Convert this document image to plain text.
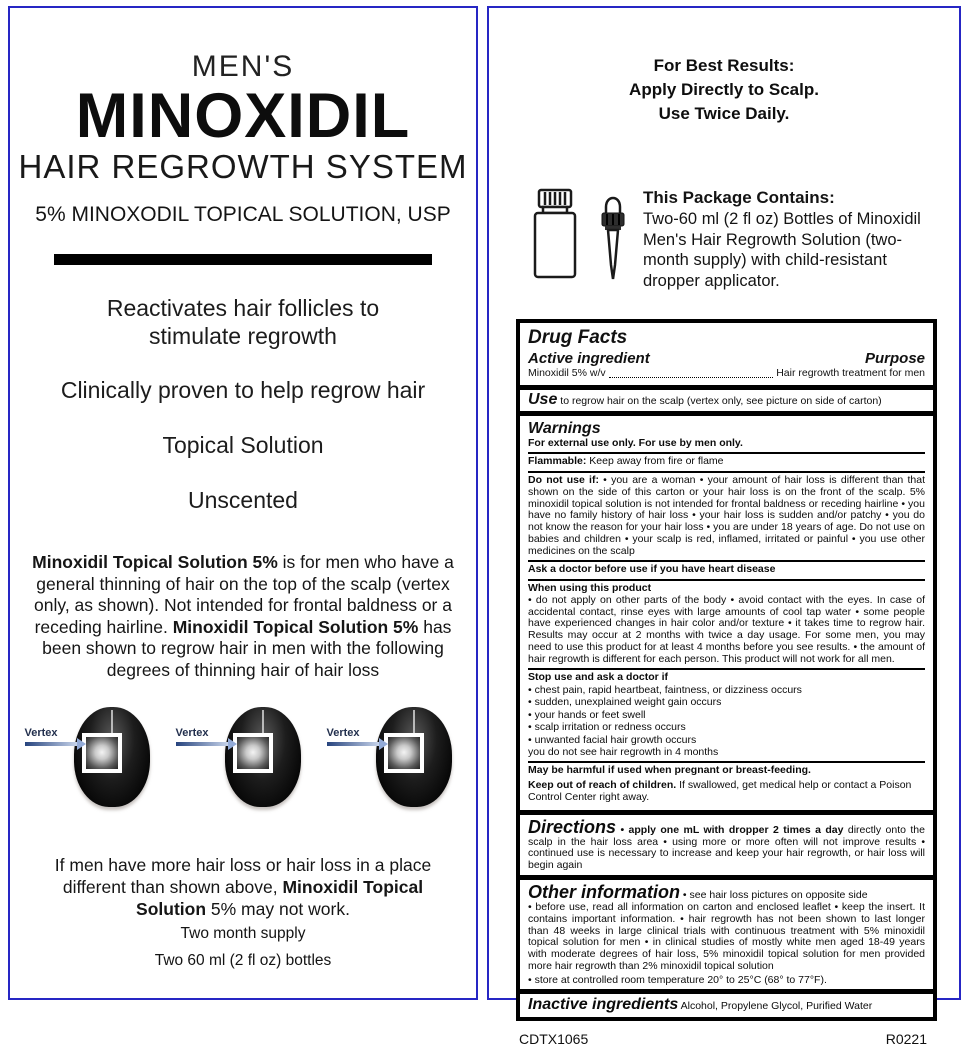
MEN'S
MINOXIDIL
HAIR REGROWTH SYSTEM
5% MINOXODIL TOPICAL SOLUTION, USP
Reactivates hair follicles to stimulate regrowth
Clinically proven to help regrow hair
Topical Solution
Unscented
Minoxidil Topical Solution 5% is for men who have a general thinning of hair on the top of the scalp (vertex only, as shown). Not intended for frontal baldness or a receding hairline. Minoxidil Topical Solution 5% has been shown to regrow hair in men with the following degrees of thinning hair of hair loss
Vertex	Vertex	Vertex
If men have more hair loss or hair loss in a place different than shown above, Minoxidil Topical Solution 5% may not work.
Two month supply
Two 60 ml (2 fl oz) bottles
For Best Results:
Apply Directly to Scalp.
Use Twice Daily.
This Package Contains:
Two-60 ml (2 fl oz) Bottles of Minoxidil Men's Hair Regrowth Solution (two-month supply) with child-resistant dropper applicator.
Drug Facts
Active ingredient	Purpose
Minoxidil 5% w/v	Hair regrowth treatment for men
Use to regrow hair on the scalp (vertex only, see picture on side of carton)
Warnings
For external use only. For use by men only.
Flammable: Keep away from fire or flame
Do not use if: • you are a woman • your amount of hair loss is different than that shown on the side of this carton or your hair loss is on the front of the scalp. 5% minoxidil topical solution is not intended for frontal baldness or receding hairline • you have no family history of hair loss • your hair loss is sudden and/or patchy • you do not know the reason for your hair loss • you are under 18 years of age. Do not use on babies and children • your scalp is red, inflamed, irritated or painful • you use other medicines on the scalp
Ask a doctor before use if you have heart disease
When using this product
• do not apply on other parts of the body • avoid contact with the eyes. In case of accidental contact, rinse eyes with large amounts of cool tap water • some people have experienced changes in hair color and/or texture • it takes time to regrow hair. Results may occur at 2 months with twice a day usage. For some men, you may need to use this product for at least 4 months before you see results. • the amount of hair regrowth is different for each person. This product will not work for all men.
Stop use and ask a doctor if
• chest pain, rapid heartbeat, faintness, or dizziness occurs
• sudden, unexplained weight gain occurs
• your hands or feet swell
• scalp irritation or redness occurs
• unwanted facial hair growth occurs
you do not see hair regrowth in 4 months
May be harmful if used when pregnant or breast-feeding.
Keep out of reach of children. If swallowed, get medical help or contact a Poison Control Center right away.
Directions • apply one mL with dropper 2 times a day directly onto the scalp in the hair loss area • using more or more often will not improve results • continued use is necessary to increase and keep your hair regrowth, or hair loss will begin again
Other information • see hair loss pictures on opposite side
• before use, read all information on carton and enclosed leaflet • keep the insert. It contains important information. • hair regrowth has not been shown to last longer than 48 weeks in large clinical trials with continuous treatment with 5% minoxidil topical solution for men • in clinical studies of mostly white men aged 18-49 years with moderate degrees of hair loss, 5% minoxidil topical solution for men provided more hair regrowth than 2% minoxidil topical solution
• store at controlled room temperature 20° to 25°C (68° to 77°F).
Inactive ingredients Alcohol, Propylene Glycol, Purified Water
CDTX1065	R0221
